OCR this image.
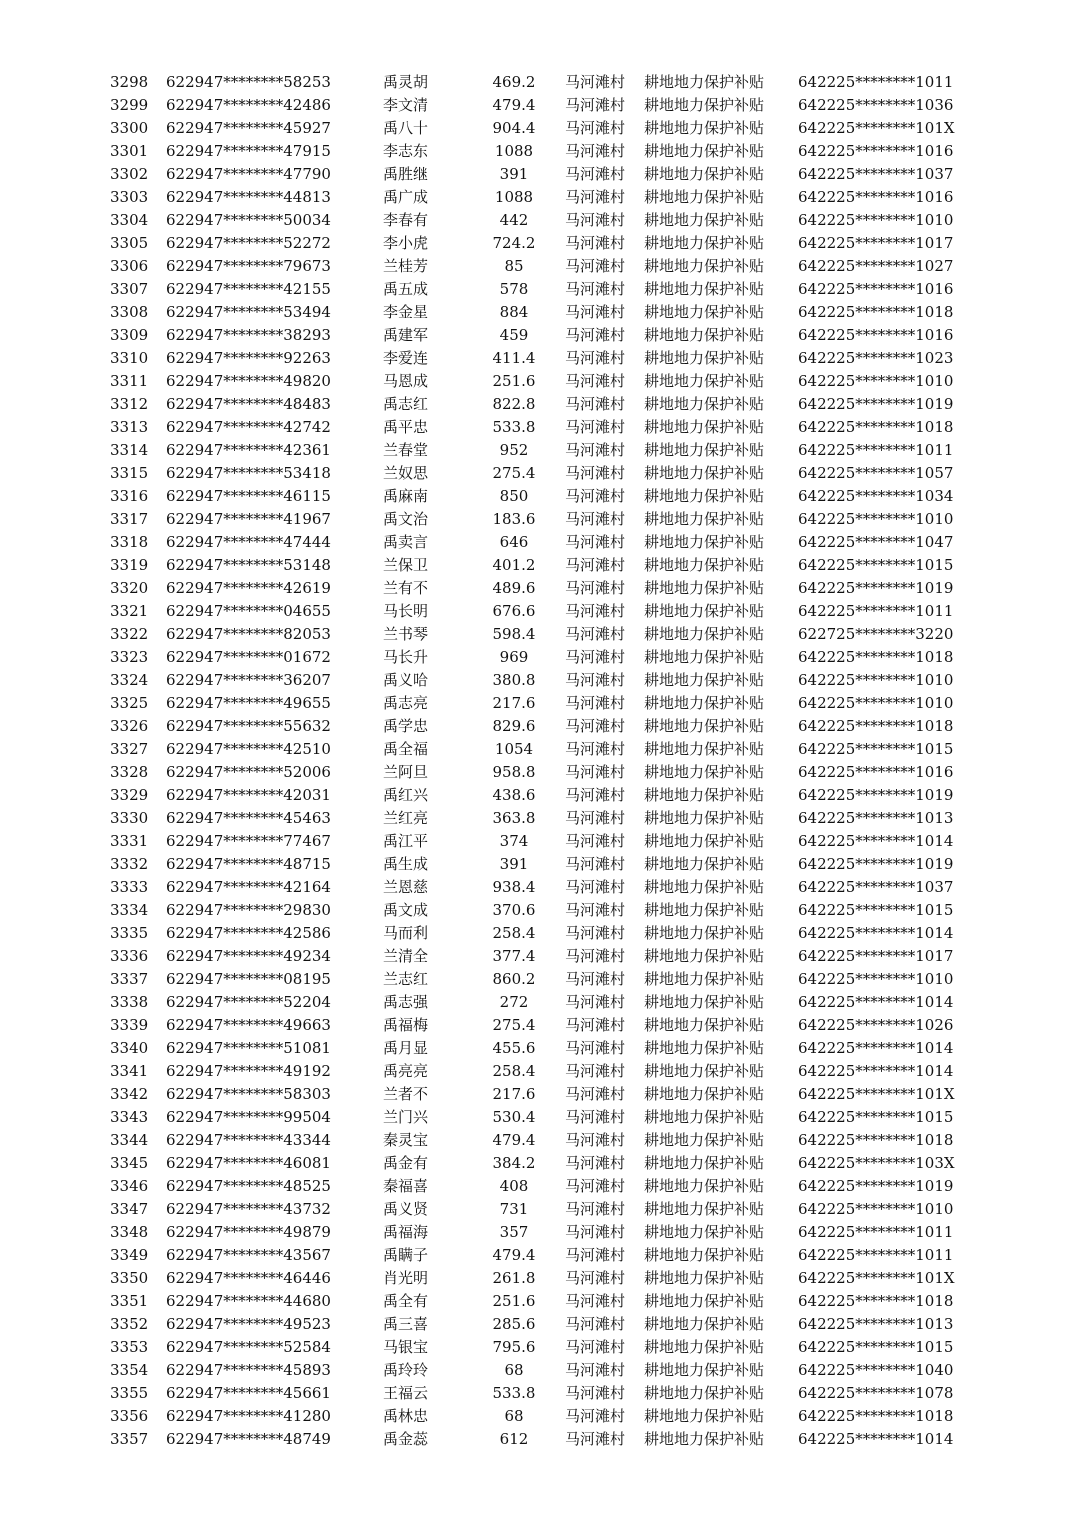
3298 622947********58253	禹灵胡	469.2	马河滩村 耕地地力保护补贴 642225********1011
3299 622947********42486	李文清	479.4	马河滩村 耕地地力保护补贴 642225********1036
3300 622947********45927	禹八十	904.4	马河滩村 耕地地力保护补贴 642225********101X
3301 622947********47915	李志东	1088	马河滩村 耕地地力保护补贴 642225********1016
3302 622947********47790	禹胜继	391	马河滩村 耕地地力保护补贴 642225********1037
3303 622947********44813	禹广成	1088	马河滩村 耕地地力保护补贴 642225********1016
3304 622947********50034	李春有	442	马河滩村 耕地地力保护补贴 642225********1010
3305 622947********52272	李小虎	724.2	马河滩村 耕地地力保护补贴 642225********1017
3306 622947********79673	兰桂芳	85	马河滩村 耕地地力保护补贴 642225********1027
3307 622947********42155	禹五成	578	马河滩村 耕地地力保护补贴 642225********1016
3308 622947********53494	李金星	884	马河滩村 耕地地力保护补贴 642225********1018
3309 622947********38293	禹建军	459	马河滩村 耕地地力保护补贴 642225********1016
3310 622947********92263	李爱连	411.4	马河滩村 耕地地力保护补贴 642225********1023
3311 622947********49820	马恩成	251.6	马河滩村 耕地地力保护补贴 642225********1010
3312 622947********48483	禹志红	822.8	马河滩村 耕地地力保护补贴 642225********1019
3313 622947********42742	禹平忠	533.8	马河滩村 耕地地力保护补贴 642225********1018
3314 622947********42361	兰春堂	952	马河滩村 耕地地力保护补贴 642225********1011
3315 622947********53418	兰奴思	275.4	马河滩村 耕地地力保护补贴 642225********1057
3316 622947********46115	禹麻南	850	马河滩村 耕地地力保护补贴 642225********1034
3317 622947********41967	禹文治	183.6	马河滩村 耕地地力保护补贴 642225********1010
3318 622947********47444	禹卖言	646	马河滩村 耕地地力保护补贴 642225********1047
3319 622947********53148	兰保卫	401.2	马河滩村 耕地地力保护补贴 642225********1015
3320 622947********42619	兰有不	489.6	马河滩村 耕地地力保护补贴 642225********1019
3321 622947********04655	马长明	676.6	马河滩村 耕地地力保护补贴 642225********1011
3322 622947********82053	兰书琴	598.4	马河滩村 耕地地力保护补贴 622725********3220
3323 622947********01672	马长升	969	马河滩村 耕地地力保护补贴 642225********1018
3324 622947********36207	禹义哈	380.8	马河滩村 耕地地力保护补贴 642225********1010
3325 622947********49655	禹志亮	217.6	马河滩村 耕地地力保护补贴 642225********1010
3326 622947********55632	禹学忠	829.6	马河滩村 耕地地力保护补贴 642225********1018
3327 622947********42510	禹全福	1054	马河滩村 耕地地力保护补贴 642225********1015
3328 622947********52006	兰阿旦	958.8	马河滩村 耕地地力保护补贴 642225********1016
3329 622947********42031	禹红兴	438.6	马河滩村 耕地地力保护补贴 642225********1019
3330 622947********45463	兰红亮	363.8	马河滩村 耕地地力保护补贴 642225********1013
3331 622947********77467	禹江平	374	马河滩村 耕地地力保护补贴 642225********1014
3332 622947********48715	禹生成	391	马河滩村 耕地地力保护补贴 642225********1019
3333 622947********42164	兰恩慈	938.4	马河滩村 耕地地力保护补贴 642225********1037
3334 622947********29830	禹文成	370.6	马河滩村 耕地地力保护补贴 642225********1015
3335 622947********42586	马而利	258.4	马河滩村 耕地地力保护补贴 642225********1014
3336 622947********49234	兰清全	377.4	马河滩村 耕地地力保护补贴 642225********1017
3337 622947********08195	兰志红	860.2	马河滩村 耕地地力保护补贴 642225********1010
3338 622947********52204	禹志强	272	马河滩村 耕地地力保护补贴 642225********1014
3339 622947********49663	禹福梅	275.4	马河滩村 耕地地力保护补贴 642225********1026
3340 622947********51081	禹月显	455.6	马河滩村 耕地地力保护补贴 642225********1014
3341 622947********49192	禹亮亮	258.4	马河滩村 耕地地力保护补贴 642225********1014
3342 622947********58303	兰者不	217.6	马河滩村 耕地地力保护补贴 642225********101X
3343 622947********99504	兰门兴	530.4	马河滩村 耕地地力保护补贴 642225********1015
3344 622947********43344	秦灵宝	479.4	马河滩村 耕地地力保护补贴 642225********1018
3345 622947********46081	禹金有	384.2	马河滩村 耕地地力保护补贴 642225********103X
3346 622947********48525	秦福喜	408	马河滩村 耕地地力保护补贴 642225********1019
3347 622947********43732	禹义贤	731	马河滩村 耕地地力保护补贴 642225********1010
3348 622947********49879	禹福海	357	马河滩村 耕地地力保护补贴 642225********1011
3349 622947********43567	禹瞒子	479.4	马河滩村 耕地地力保护补贴 642225********1011
3350 622947********46446	肖光明	261.8	马河滩村 耕地地力保护补贴 642225********101X
3351 622947********44680	禹全有	251.6	马河滩村 耕地地力保护补贴 642225********1018
3352 622947********49523	禹三喜	285.6	马河滩村 耕地地力保护补贴 642225********1013
3353 622947********52584	马银宝	795.6	马河滩村 耕地地力保护补贴 642225********1015
3354 622947********45893	禹玲玲	68	马河滩村 耕地地力保护补贴 642225********1040
3355 622947********45661	王福云	533.8	马河滩村 耕地地力保护补贴 642225********1078
3356 622947********41280	禹林忠	68	马河滩村 耕地地力保护补贴 642225********1018
3357 622947********48749	禹金蕊	612	马河滩村 耕地地力保护补贴 642225********1014
